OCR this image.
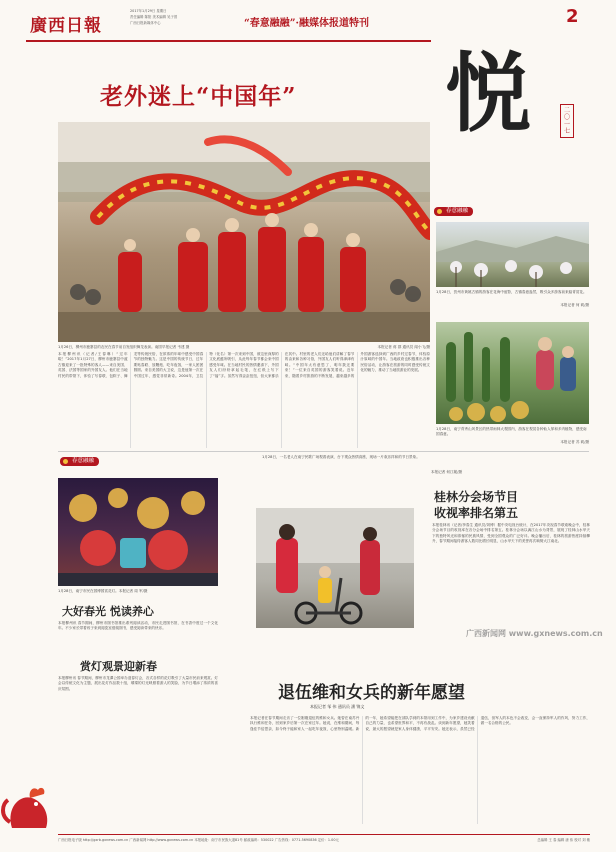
廣西日報
2017年1月29日 星期日
责任编辑 陈阳 美术编辑 吴子曾
广西日报新媒体中心	“春意融融”·融媒体报道特刊	2
悦	二〇一七
老外迷上“中国年”
1月26日，柳州市鹿寨县的农民在春节前自发组织舞龙表演。南国早报记者 韦建 摄	本报记者 蒋 郡 通讯员 闻小飞/摄
本报柳州讯（记者/王春琳）“过年啦！”2017年1月27日，柳州市鹿寨县中渡古镇迎来了一批特殊的客人——来自美国、英国、法国等国家的外国友人。他们在当地村民的带领下，体验了写春联、包粽子、舞龙等传统民俗，在浓浓的年味中感受中国春节的独特魅力。这是中国的传统节日，过年要贴春联、放鞭炮、吃年夜饭，一家人团团圆圆。来自美国的大卫说，这是他第一次在中国过年，感觉非常新奇。2004年，卫拉特（化名）第一次来到中国，被这里深厚的文化底蕴所吸引，从此每年春节都会来中国感受年味。在当地村民的热情邀请下，外国友人们纷纷拿起毛笔，在红纸上写下了“福”字。虽然写得歪歪扭扭，但大家都乐在其中。村里的老人们还给他们讲解了春节的由来和各种习俗，外国友人们听得津津有味。“中国年太有意思了，明年我还要来！”一位来自英国的游客笑着说。近年来，随着乡村旅游的不断发展，越来越多的外国游客选择到广西的乡村过春节，体验原汁原味的中国年。当地政府也积极推出各种民俗活动，让游客在旅游的同时感受传统文化的魅力，推动了当地旅游业的发展。
春意融融
1月28日，贺州市黄姚古镇的游客在花海中留影，古镇春意盎然，吸引众多游客前来踏青赏花。
本报记者 何 莉/摄
1月28日，南宁青秀山风景区的热带雨林大观园内，游客在观赏各种仙人掌和多肉植物，感受南国春意。
本报记者 苏 莉/摄
春意融融
1月28日，南宁市民在园博园赏花灯。本报记者 周 军/摄
大好春光 悦读养心
本报柳州讯 春节期间，柳州市图书馆推出系列阅读活动，市民走进图书馆，在书香中度过一个文化年。不少家长带着孩子来到阅览室借阅图书，感受阅读带来的快乐。
赏灯观景迎新春
本报柳州讯 春节期间，柳州市龙潭公园举办迎春灯会，各式各样的花灯吸引了大量市民前来观赏。灯会以传统文化为主题，展出花灯作品数十组，璀璨的灯光映照着游人的笑脸，为节日增添了浓浓的喜庆氛围。
1月28日，一名老人在南宁民歌广场观看表演，台下观众热情高涨，现场一片欢乐祥和的节日景象。
本报记者 何江妮/摄
桂林分会场节目
收视率排名第五
本报桂林讯（记者/李春生 通讯员/刘博）据中央电视台统计，在2017年央视春节联欢晚会中，桂林分会场节目的收视率在各分会场中排名第五。桂林分会场以漓江山水为背景，展现了桂林山水甲天下的独特风光和浓郁的民族风情，受到全国观众的广泛好评。晚会播出后，桂林的旅游热度持续攀升，春节期间接待游客人数同比增长明显，山水甲天下的美誉再次响彻大江南北。
广西新闻网 www.gxnews.com.cn
退伍维和女兵的新年愿望
本报记者 邹 伟 通讯员 潘 锦文
本报记者在春节期间走访了一位刚刚退伍的维和女兵。她曾在南苏丹执行维和任务，回到家乡后第一次在家过年。她说，在维和期间，每逢佳节倍思亲，如今终于能和家人一起吃年夜饭，心里特别温暖。新的一年，她希望能把在部队学到的本领用到工作中，为家乡建设贡献自己的力量，也希望世界和平，不再有战乱。谈到新年愿望，她笑着说，最大的愿望就是家人身体健康，平平安安。她还表示，虽然已经退伍，但军人的本色不会改变，会一直保持军人的作风，努力工作，做一名合格的公民。
广西日报电子版 http://gxrb.gxnews.com.cn 广西新闻网 http://www.gxnews.com.cn 本报地址：南宁市民族大道81号 邮政编码：530022 广告热线：0771-5690836 定价：1.00元	总编辑 王 春 编辑 唐 伟 校对 刘 敏
